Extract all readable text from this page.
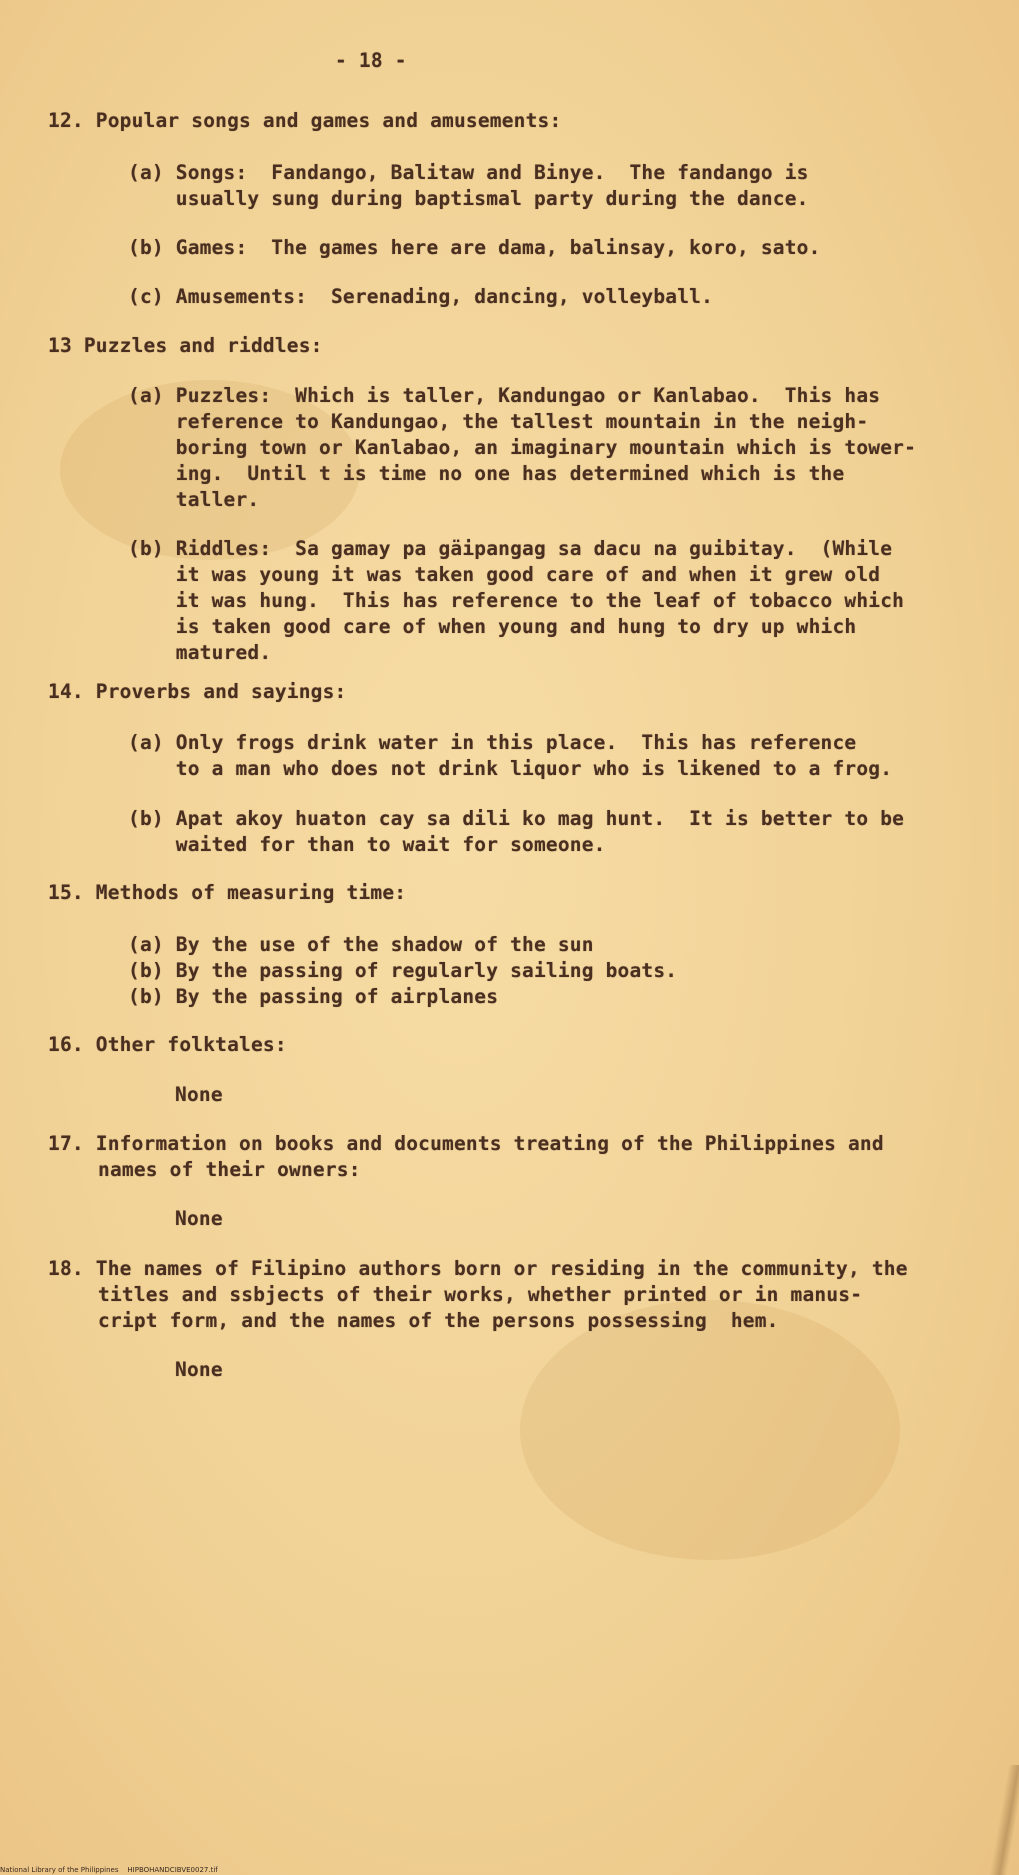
- 18 -
12. Popular songs and games and amusements:
(a) Songs:  Fandango, Balitaw and Binye.  The fandango is
usually sung during baptismal party during the dance.
(b) Games:  The games here are dama, balinsay, koro, sato.
(c) Amusements:  Serenading, dancing, volleyball.
13 Puzzles and riddles:
(a) Puzzles:  Which is taller, Kandungao or Kanlabao.  This has
reference to Kandungao, the tallest mountain in the neigh-
boring town or Kanlabao, an imaginary mountain which is tower-
ing.  Until t is time no one has determined which is the
taller.
(b) Riddles:  Sa gamay pa gäipangag sa dacu na guibitay.  (While
it was young it was taken good care of and when it grew old
it was hung.  This has reference to the leaf of tobacco which
is taken good care of when young and hung to dry up which
matured.
14. Proverbs and sayings:
(a) Only frogs drink water in this place.  This has reference
to a man who does not drink liquor who is likened to a frog.
(b) Apat akoy huaton cay sa dili ko mag hunt.  It is better to be
waited for than to wait for someone.
15. Methods of measuring time:
(a) By the use of the shadow of the sun
(b) By the passing of regularly sailing boats.
(b) By the passing of airplanes
16. Other folktales:
None
17. Information on books and documents treating of the Philippines and
names of their owners:
None
18. The names of Filipino authors born or residing in the community, the
titles and ssbjects of their works, whether printed or in manus-
cript form, and the names of the persons possessing  hem.
None
National Library of the Philippines    HIPBOHANDCIBVE0027.tif
